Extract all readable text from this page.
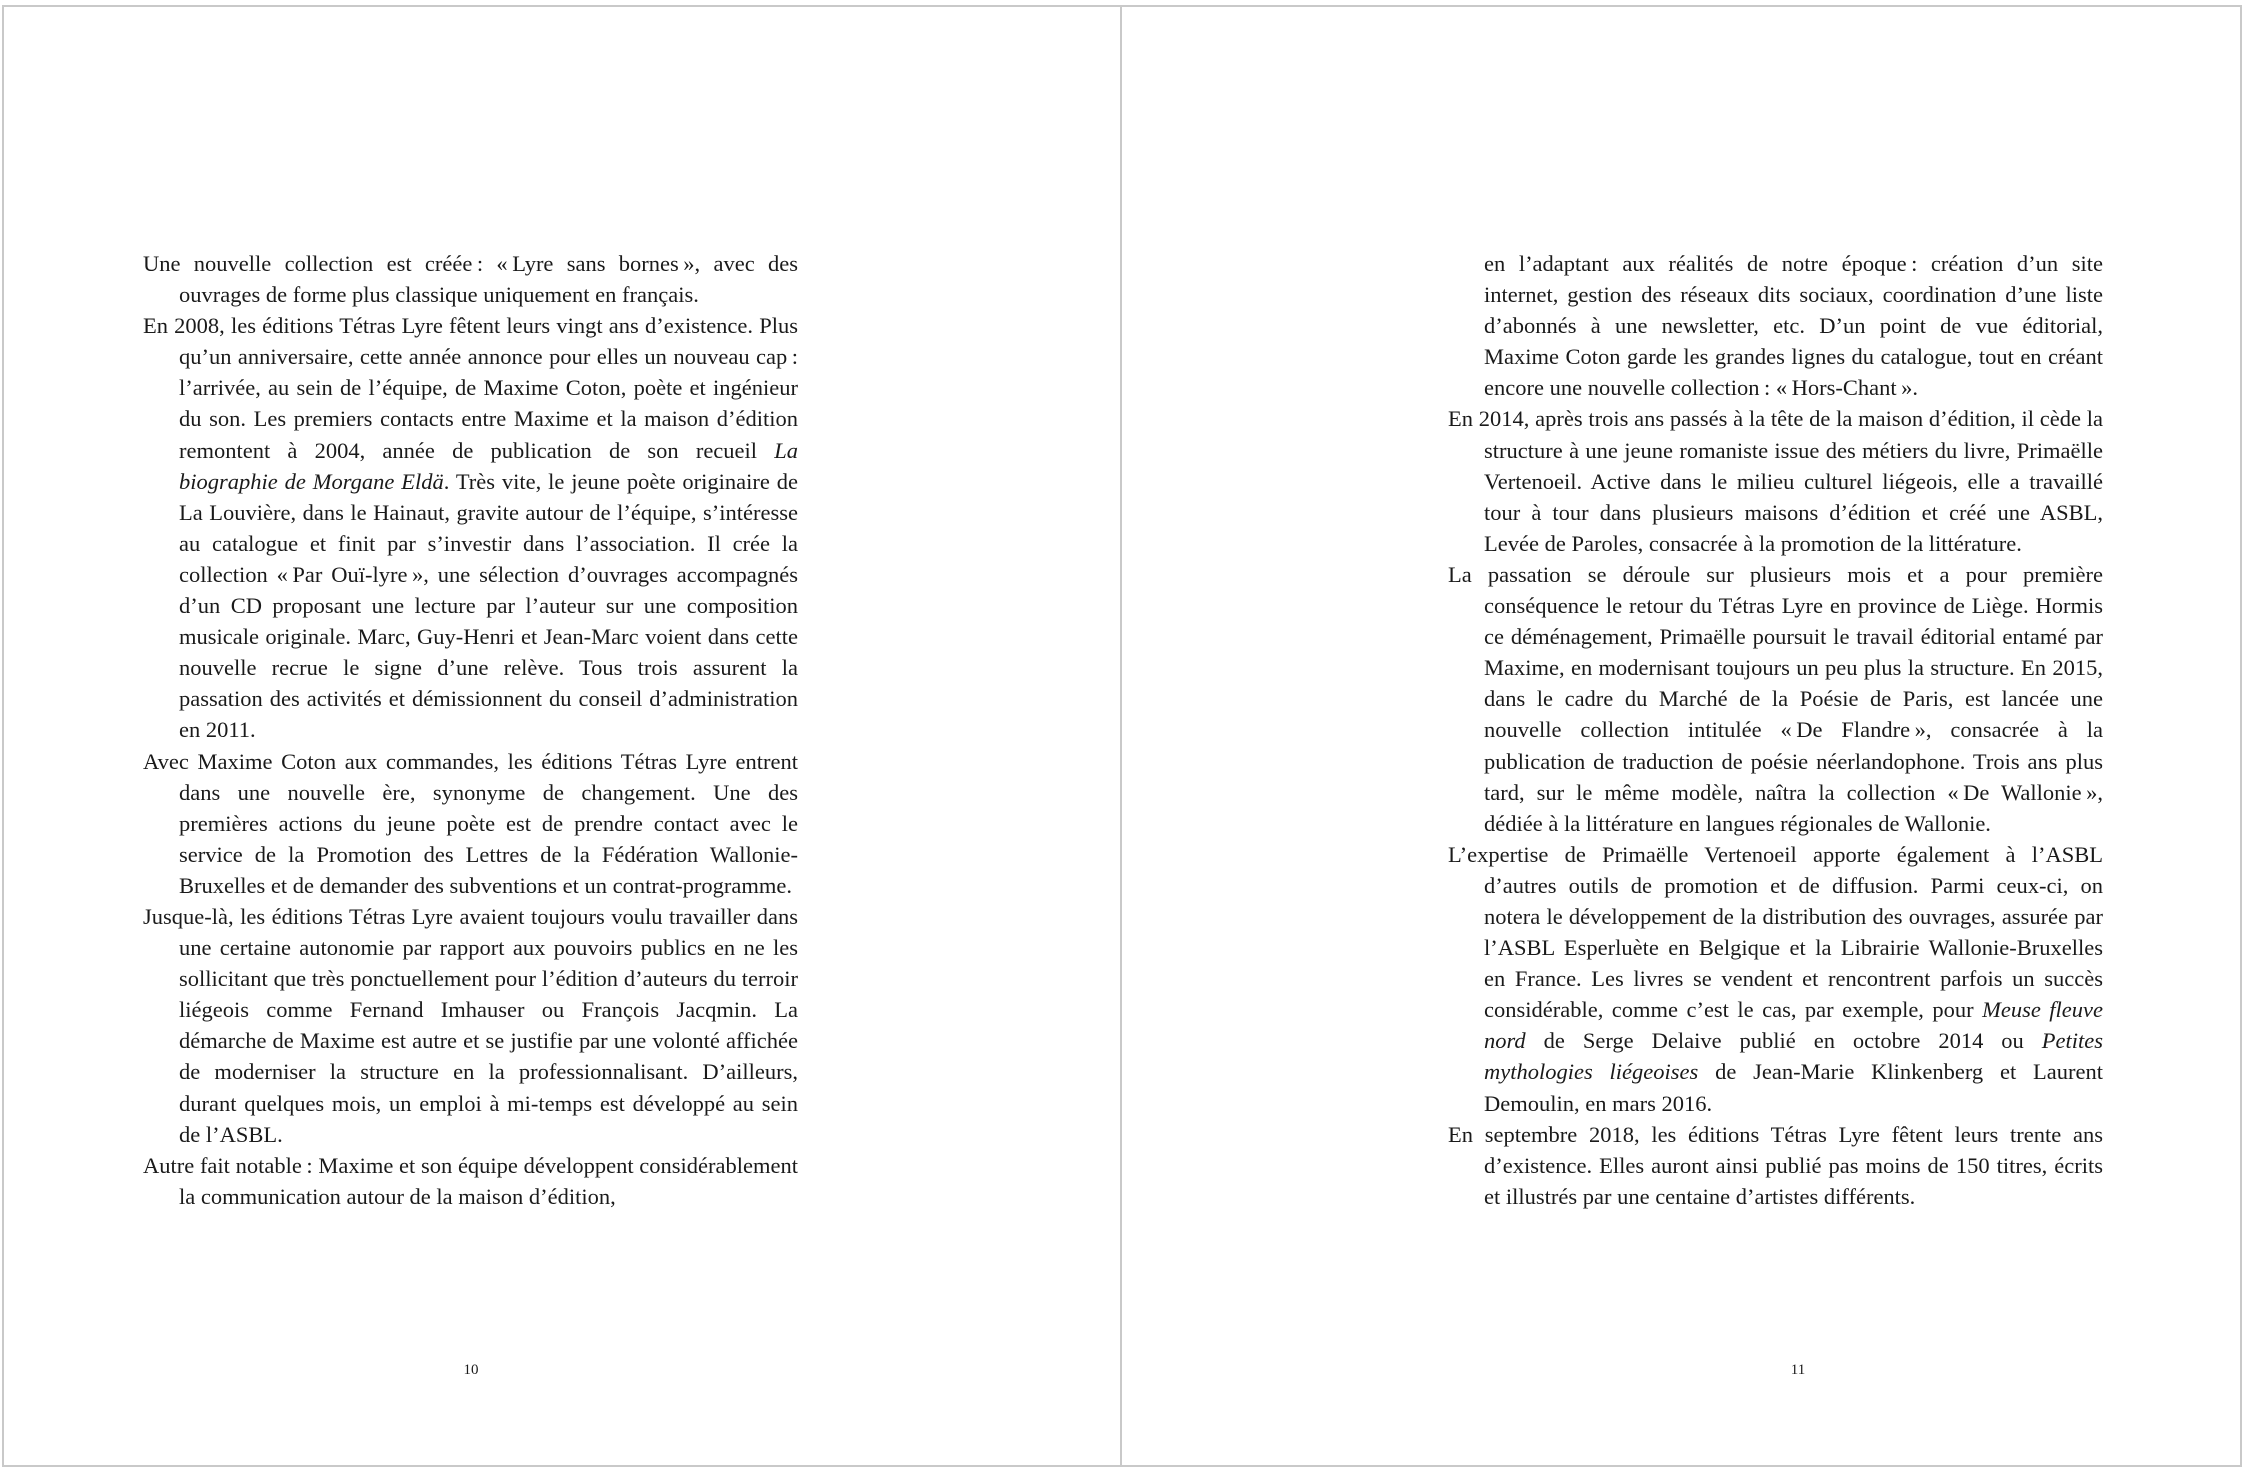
Une nouvelle collection est créée : « Lyre sans bornes », avec des ouvrages de forme plus classique uniquement en français.

En 2008, les éditions Tétras Lyre fêtent leurs vingt ans d’existence. Plus qu’un anniversaire, cette année annonce pour elles un nouveau cap : l’arrivée, au sein de l’équipe, de Maxime Coton, poète et ingénieur du son. Les premiers contacts entre Maxime et la maison d’édition remontent à 2004, année de publication de son recueil La biographie de Morgane Eldä. Très vite, le jeune poète originaire de La Louvière, dans le Hainaut, gravite autour de l’équipe, s’intéresse au catalogue et finit par s’investir dans l’association. Il crée la collection « Par Ouï-lyre », une sélection d’ouvrages accompagnés d’un CD proposant une lecture par l’auteur sur une composition musicale originale. Marc, Guy-Henri et Jean-Marc voient dans cette nouvelle recrue le signe d’une relève. Tous trois assurent la passation des activités et démissionnent du conseil d’administration en 2011.

Avec Maxime Coton aux commandes, les éditions Tétras Lyre entrent dans une nouvelle ère, synonyme de changement. Une des premières actions du jeune poète est de prendre contact avec le service de la Promotion des Lettres de la Fédération Wallonie-Bruxelles et de demander des subventions et un contrat-programme.

Jusque-là, les éditions Tétras Lyre avaient toujours voulu travailler dans une certaine autonomie par rapport aux pouvoirs publics en ne les sollicitant que très ponctuellement pour l’édition d’auteurs du terroir liégeois comme Fernand Imhauser ou François Jacqmin. La démarche de Maxime est autre et se justifie par une volonté affichée de moderniser la structure en la professionnalisant. D’ailleurs, durant quelques mois, un emploi à mi-temps est développé au sein de l’ASBL.

Autre fait notable : Maxime et son équipe développent considérablement la communication autour de la maison d’édition,

10

en l’adaptant aux réalités de notre époque : création d’un site internet, gestion des réseaux dits sociaux, coordination d’une liste d’abonnés à une newsletter, etc. D’un point de vue éditorial, Maxime Coton garde les grandes lignes du catalogue, tout en créant encore une nouvelle collection : « Hors-Chant ».

En 2014, après trois ans passés à la tête de la maison d’édition, il cède la structure à une jeune romaniste issue des métiers du livre, Primaëlle Vertenoeil. Active dans le milieu culturel liégeois, elle a travaillé tour à tour dans plusieurs maisons d’édition et créé une ASBL, Levée de Paroles, consacrée à la promotion de la littérature.

La passation se déroule sur plusieurs mois et a pour première conséquence le retour du Tétras Lyre en province de Liège. Hormis ce déménagement, Primaëlle poursuit le travail éditorial entamé par Maxime, en modernisant toujours un peu plus la structure. En 2015, dans le cadre du Marché de la Poésie de Paris, est lancée une nouvelle collection intitulée « De Flandre », consacrée à la publication de traduction de poésie néerlandophone. Trois ans plus tard, sur le même modèle, naîtra la collection « De Wallonie », dédiée à la littérature en langues régionales de Wallonie.

L’expertise de Primaëlle Vertenoeil apporte également à l’ASBL d’autres outils de promotion et de diffusion. Parmi ceux-ci, on notera le développement de la distribution des ouvrages, assurée par l’ASBL Esperluète en Belgique et la Librairie Wallonie-Bruxelles en France. Les livres se vendent et rencontrent parfois un succès considérable, comme c’est le cas, par exemple, pour Meuse fleuve nord de Serge Delaive publié en octobre 2014 ou Petites mythologies liégeoises de Jean-Marie Klinkenberg et Laurent Demoulin, en mars 2016.

En septembre 2018, les éditions Tétras Lyre fêtent leurs trente ans d’existence. Elles auront ainsi publié pas moins de 150 titres, écrits et illustrés par une centaine d’artistes différents.

11
